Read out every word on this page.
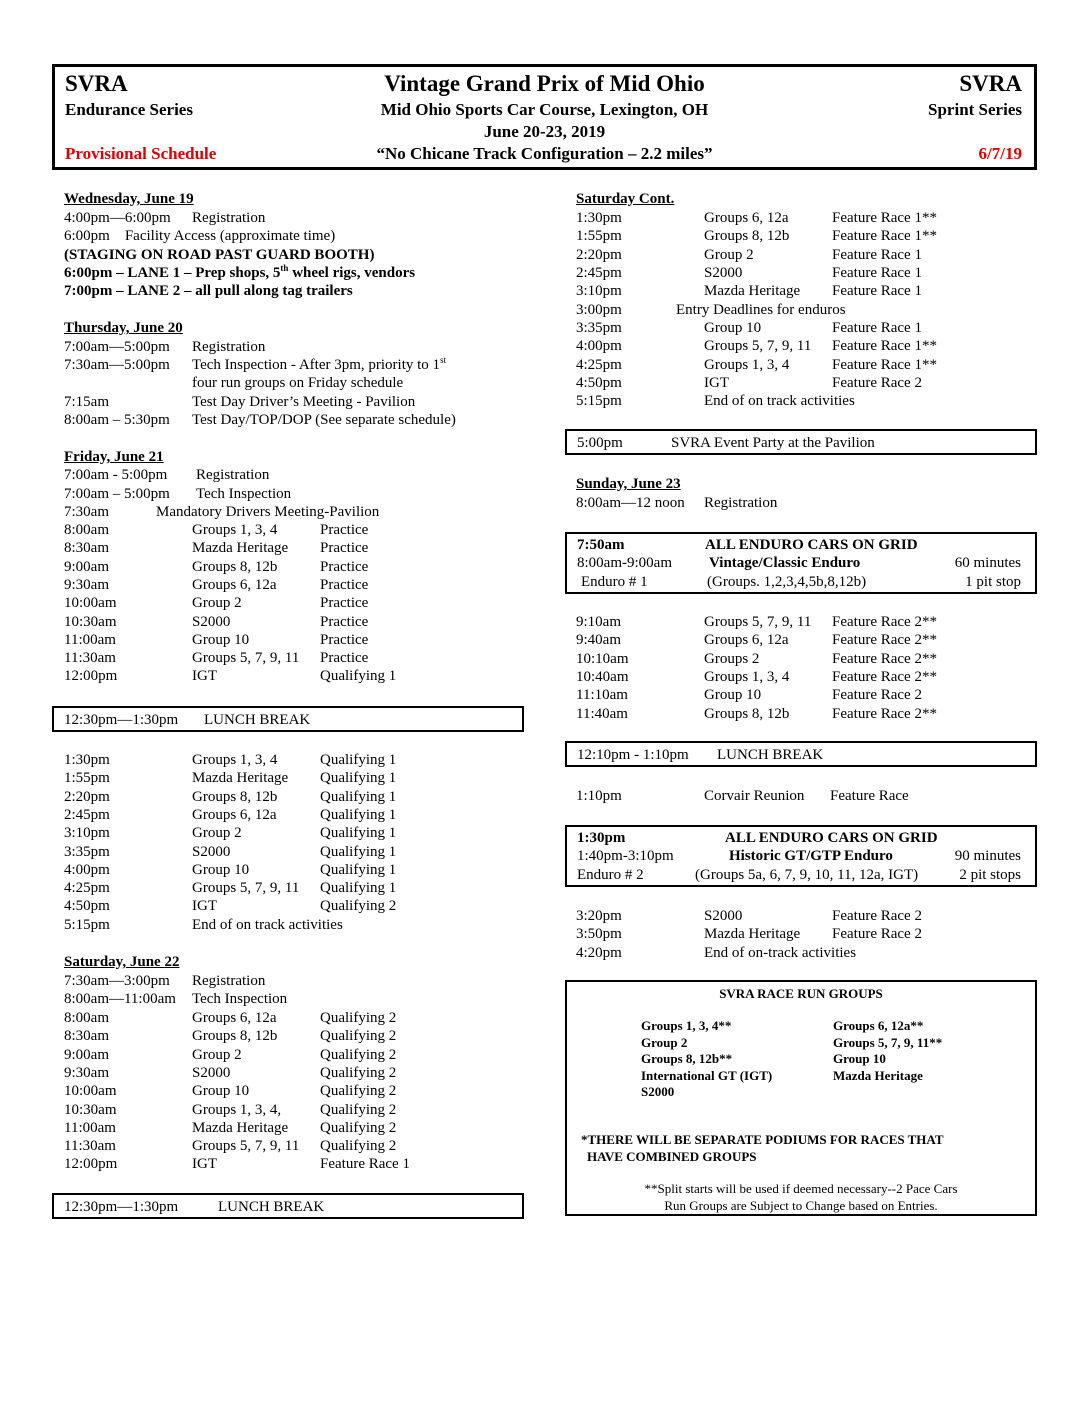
SVRA
Endurance Series
Provisional Schedule
Vintage Grand Prix of Mid Ohio
Mid Ohio Sports Car Course, Lexington, OH
June 20-23, 2019
“No Chicane Track Configuration – 2.2 miles”
SVRA
Sprint Series
6/7/19
Wednesday, June 19
4:00pm—6:00pm Registration
6:00pm    Facility Access (approximate time)
(STAGING ON ROAD PAST GUARD BOOTH)
6:00pm – LANE 1 – Prep shops, 5th wheel rigs, vendors
7:00pm – LANE 2 – all pull along tag trailers
Thursday, June 20
7:00am—5:00pm Registration
7:30am—5:00pm Tech Inspection - After 3pm, priority to 1st
four run groups on Friday schedule
7:15am	Test Day Driver’s Meeting - Pavilion
8:00am – 5:30pm Test Day/TOP/DOP (See separate schedule)
Friday, June 21
7:00am - 5:00pm Registration
7:00am – 5:00pm Tech Inspection
7:30am	Mandatory Drivers Meeting-Pavilion
8:00am	Groups 1, 3, 4	Practice
8:30am	Mazda Heritage Practice
9:00am	Groups 8, 12b	Practice
9:30am	Groups 6, 12a	Practice
10:00am	Group 2	Practice
10:30am	S2000	Practice
11:00am	Group 10	Practice
11:30am	Groups 5, 7, 9, 11 Practice
12:00pm	IGT	Qualifying 1
12:30pm—1:30pm LUNCH BREAK
1:30pm	Groups 1, 3, 4	Qualifying 1
1:55pm	Mazda Heritage Qualifying 1
2:20pm	Groups 8, 12b	Qualifying 1
2:45pm	Groups 6, 12a	Qualifying 1
3:10pm	Group 2	Qualifying 1
3:35pm	S2000	Qualifying 1
4:00pm	Group 10	Qualifying 1
4:25pm	Groups 5, 7, 9, 11 Qualifying 1
4:50pm	IGT	Qualifying 2
5:15pm	End of on track activities
Saturday, June 22
7:30am—3:00pm Registration
8:00am—11:00am Tech Inspection
8:00am	Groups 6, 12a	Qualifying 2
8:30am	Groups 8, 12b	Qualifying 2
9:00am	Group 2	Qualifying 2
9:30am	S2000	Qualifying 2
10:00am	Group 10	Qualifying 2
10:30am	Groups 1, 3, 4,	Qualifying 2
11:00am	Mazda Heritage Qualifying 2
11:30am	Groups 5, 7, 9, 11 Qualifying 2
12:00pm	IGT	Feature Race 1
12:30pm—1:30pm	LUNCH BREAK
Saturday Cont.
1:30pm	Groups 6, 12a	Feature Race 1**
1:55pm	Groups 8, 12b	Feature Race 1**
2:20pm	Group 2	Feature Race 1
2:45pm	S2000	Feature Race 1
3:10pm	Mazda Heritage Feature Race 1
3:00pm	Entry Deadlines for enduros
3:35pm	Group 10	Feature Race 1
4:00pm	Groups 5, 7, 9, 11 Feature Race 1**
4:25pm	Groups 1, 3, 4	Feature Race 1**
4:50pm	IGT	Feature Race 2
5:15pm	End of on track activities
5:00pm	SVRA Event Party at the Pavilion
Sunday, June 23
8:00am—12 noon Registration
7:50am	ALL ENDURO CARS ON GRID
8:00am-9:00am Vintage/Classic Enduro	60 minutes
Enduro # 1	(Groups. 1,2,3,4,5b,8,12b)	1 pit stop
9:10am	Groups 5, 7, 9, 11 Feature Race 2**
9:40am	Groups 6, 12a	Feature Race 2**
10:10am	Groups 2	Feature Race 2**
10:40am	Groups 1, 3, 4	Feature Race 2**
11:10am	Group 10	Feature Race 2
11:40am	Groups 8, 12b	Feature Race 2**
12:10pm - 1:10pm LUNCH BREAK
1:10pm	Corvair Reunion Feature Race
1:30pm	ALL ENDURO CARS ON GRID
1:40pm-3:10pm	Historic GT/GTP Enduro	90 minutes
Enduro # 2	(Groups 5a, 6, 7, 9, 10, 11, 12a, IGT)	2 pit stops
3:20pm	S2000	Feature Race 2
3:50pm	Mazda Heritage Feature Race 2
4:20pm	End of on-track activities
SVRA RACE RUN GROUPS
Groups 1, 3, 4**
Group 2
Groups 8, 12b**
International GT (IGT)
S2000
Groups 6, 12a**
Groups 5, 7, 9, 11**
Group 10
Mazda Heritage
*THERE WILL BE SEPARATE PODIUMS FOR RACES THAT
HAVE COMBINED GROUPS
**Split starts will be used if deemed necessary--2 Pace Cars
Run Groups are Subject to Change based on Entries.
